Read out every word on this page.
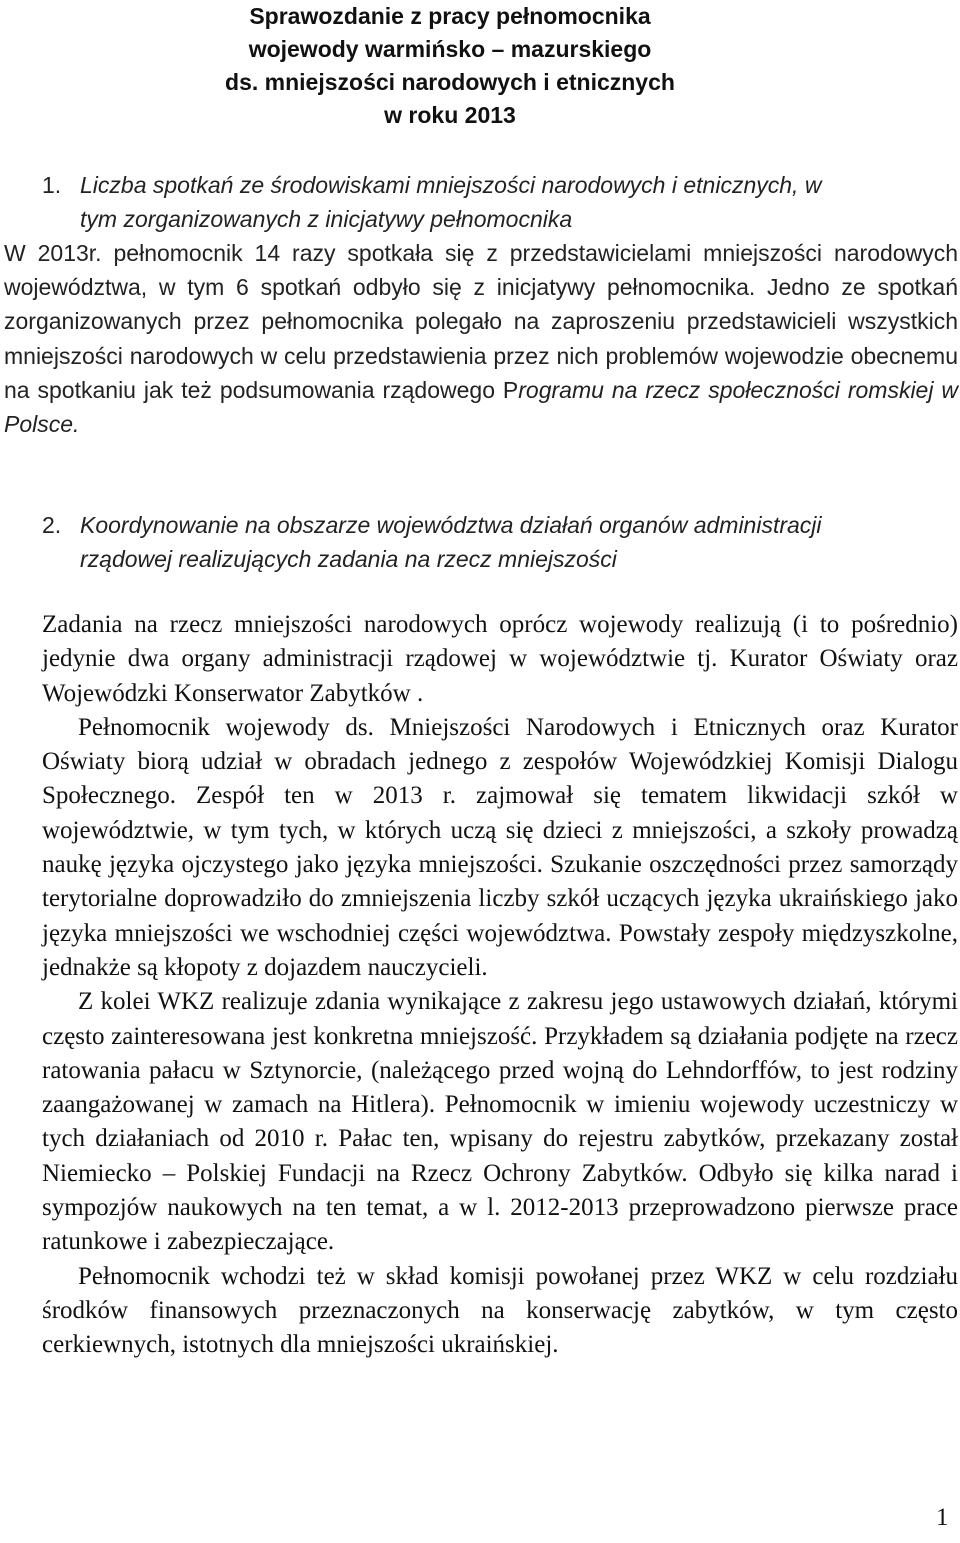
Sprawozdanie z pracy pełnomocnika
wojewody warmińsko – mazurskiego
ds. mniejszości narodowych i etnicznych
w roku 2013
1. Liczba spotkań ze środowiskami mniejszości narodowych i etnicznych, w
tym zorganizowanych z inicjatywy pełnomocnika
W 2013r. pełnomocnik 14 razy spotkała się z przedstawicielami mniejszości narodowych województwa, w tym 6 spotkań odbyło się z inicjatywy pełnomocnika. Jedno ze spotkań zorganizowanych przez pełnomocnika polegało na zaproszeniu przedstawicieli wszystkich mniejszości narodowych w celu przedstawienia przez nich problemów wojewodzie obecnemu na spotkaniu jak też podsumowania rządowego Programu na rzecz społeczności romskiej w Polsce.
2. Koordynowanie na obszarze województwa działań organów administracji
rządowej realizujących zadania na rzecz mniejszości

Zadania na rzecz mniejszości narodowych oprócz wojewody realizują (i to pośrednio) jedynie dwa organy administracji rządowej w województwie tj. Kurator Oświaty oraz Wojewódzki Konserwator Zabytków .

Pełnomocnik wojewody ds. Mniejszości Narodowych i Etnicznych oraz Kurator Oświaty biorą udział w obradach jednego z zespołów Wojewódzkiej Komisji Dialogu Społecznego. Zespół ten w 2013 r. zajmował się tematem likwidacji szkół w województwie, w tym tych, w których uczą się dzieci z mniejszości, a szkoły prowadzą naukę języka ojczystego jako języka mniejszości. Szukanie oszczędności przez samorządy terytorialne doprowadziło do zmniejszenia liczby szkół uczących języka ukraińskiego jako języka mniejszości we wschodniej części województwa. Powstały zespoły międzyszkolne, jednakże są kłopoty z dojazdem nauczycieli.

Z kolei WKZ realizuje zdania wynikające z zakresu jego ustawowych działań, którymi często zainteresowana jest konkretna mniejszość. Przykładem są działania podjęte na rzecz ratowania pałacu w Sztynorcie, (należącego przed wojną do Lehndorffów, to jest rodziny zaangażowanej w zamach na Hitlera). Pełnomocnik w imieniu wojewody uczestniczy w tych działaniach od 2010 r. Pałac ten, wpisany do rejestru zabytków, przekazany został Niemiecko – Polskiej Fundacji na Rzecz Ochrony Zabytków. Odbyło się kilka narad i sympozjów naukowych na ten temat, a w l. 2012-2013 przeprowadzono pierwsze prace ratunkowe i zabezpieczające.

Pełnomocnik wchodzi też w skład komisji powołanej przez WKZ w celu rozdziału środków finansowych przeznaczonych na konserwację zabytków, w tym często cerkiewnych, istotnych dla mniejszości ukraińskiej.

1
